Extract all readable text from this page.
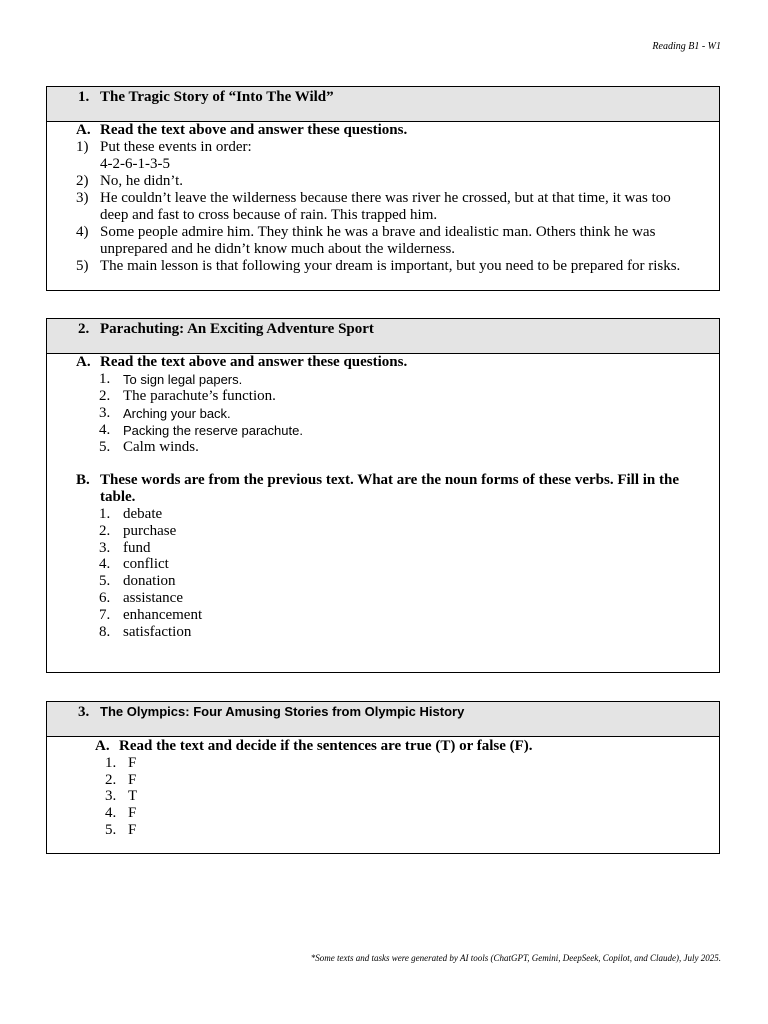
Reading B1 - W1
1. The Tragic Story of “Into The Wild”
A. Read the text above and answer these questions.
1) Put these events in order:
4-2-6-1-3-5
2) No, he didn’t.
3) He couldn’t leave the wilderness because there was river he crossed, but at that time, it was too
deep and fast to cross because of rain. This trapped him.
4) Some people admire him. They think he was a brave and idealistic man. Others think he was
unprepared and he didn’t know much about the wilderness.
5) The main lesson is that following your dream is important, but you need to be prepared for risks.
2. Parachuting: An Exciting Adventure Sport
A. Read the text above and answer these questions.
1. To sign legal papers.
2. The parachute’s function.
3. Arching your back.
4. Packing the reserve parachute.
5. Calm winds.
B. These words are from the previous text. What are the noun forms of these verbs. Fill in the
table.
1. debate
2. purchase
3. fund
4. conflict
5. donation
6. assistance
7. enhancement
8. satisfaction
3. The Olympics: Four Amusing Stories from Olympic History
A. Read the text and decide if the sentences are true (T) or false (F).
1. F
2. F
3. T
4. F
5. F
*Some texts and tasks were generated by AI tools (ChatGPT, Gemini, DeepSeek, Copilot, and Claude), July 2025.
